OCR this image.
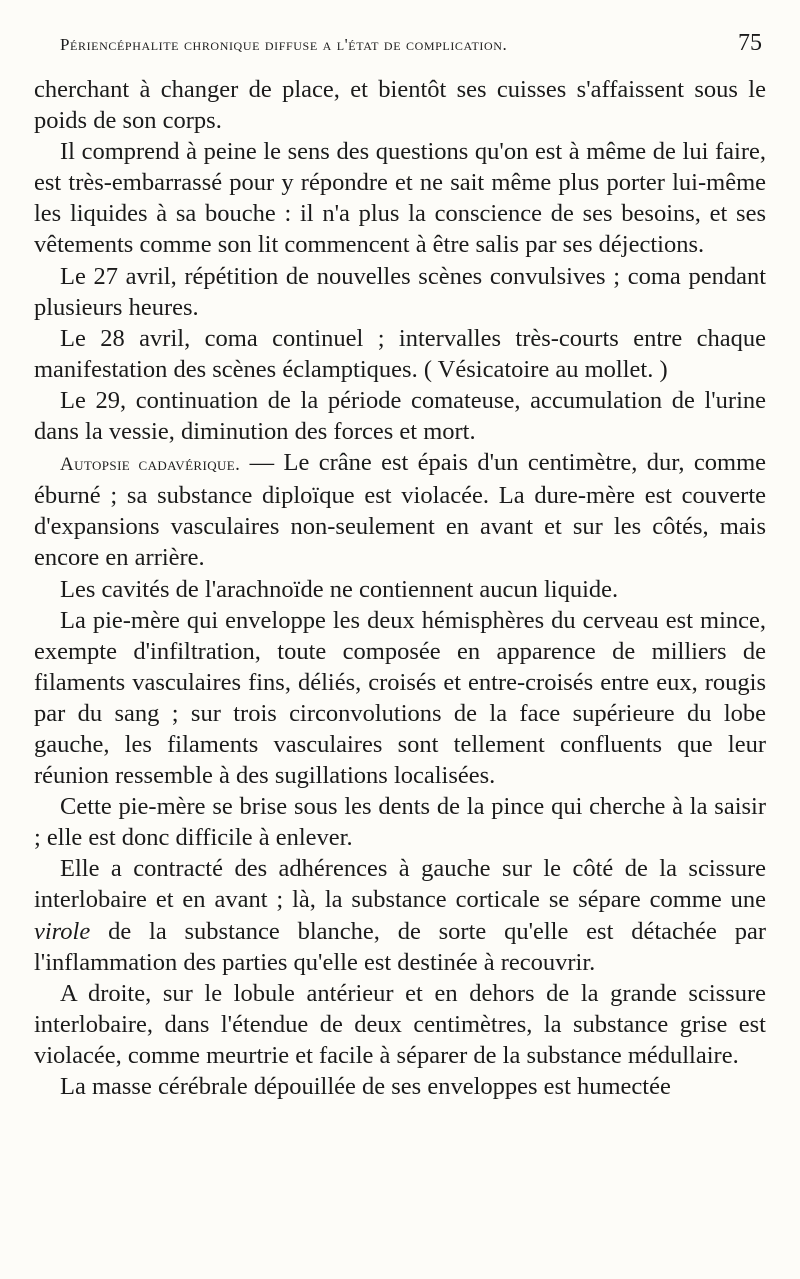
Périencéphalite chronique diffuse a l'état de complication.	75

cherchant à changer de place, et bientôt ses cuisses s'affaissent sous le poids de son corps.

Il comprend à peine le sens des questions qu'on est à même de lui faire, est très-embarrassé pour y répondre et ne sait même plus porter lui-même les liquides à sa bouche : il n'a plus la conscience de ses besoins, et ses vêtements comme son lit commencent à être salis par ses déjections.

Le 27 avril, répétition de nouvelles scènes convulsives ; coma pendant plusieurs heures.

Le 28 avril, coma continuel ; intervalles très-courts entre chaque manifestation des scènes éclamptiques. ( Vésicatoire au mollet. )

Le 29, continuation de la période comateuse, accumulation de l'urine dans la vessie, diminution des forces et mort.

Autopsie cadavérique. — Le crâne est épais d'un centimètre, dur, comme éburné ; sa substance diploïque est violacée. La dure-mère est couverte d'expansions vasculaires non-seulement en avant et sur les côtés, mais encore en arrière.

Les cavités de l'arachnoïde ne contiennent aucun liquide.

La pie-mère qui enveloppe les deux hémisphères du cerveau est mince, exempte d'infiltration, toute composée en apparence de milliers de filaments vasculaires fins, déliés, croisés et entre-croisés entre eux, rougis par du sang ; sur trois circonvolutions de la face supérieure du lobe gauche, les filaments vasculaires sont tellement confluents que leur réunion ressemble à des sugillations localisées.

Cette pie-mère se brise sous les dents de la pince qui cherche à la saisir ; elle est donc difficile à enlever.

Elle a contracté des adhérences à gauche sur le côté de la scissure interlobaire et en avant ; là, la substance corticale se sépare comme une virole de la substance blanche, de sorte qu'elle est détachée par l'inflammation des parties qu'elle est destinée à recouvrir.

A droite, sur le lobule antérieur et en dehors de la grande scissure interlobaire, dans l'étendue de deux centimètres, la substance grise est violacée, comme meurtrie et facile à séparer de la substance médullaire.

La masse cérébrale dépouillée de ses enveloppes est humectée
